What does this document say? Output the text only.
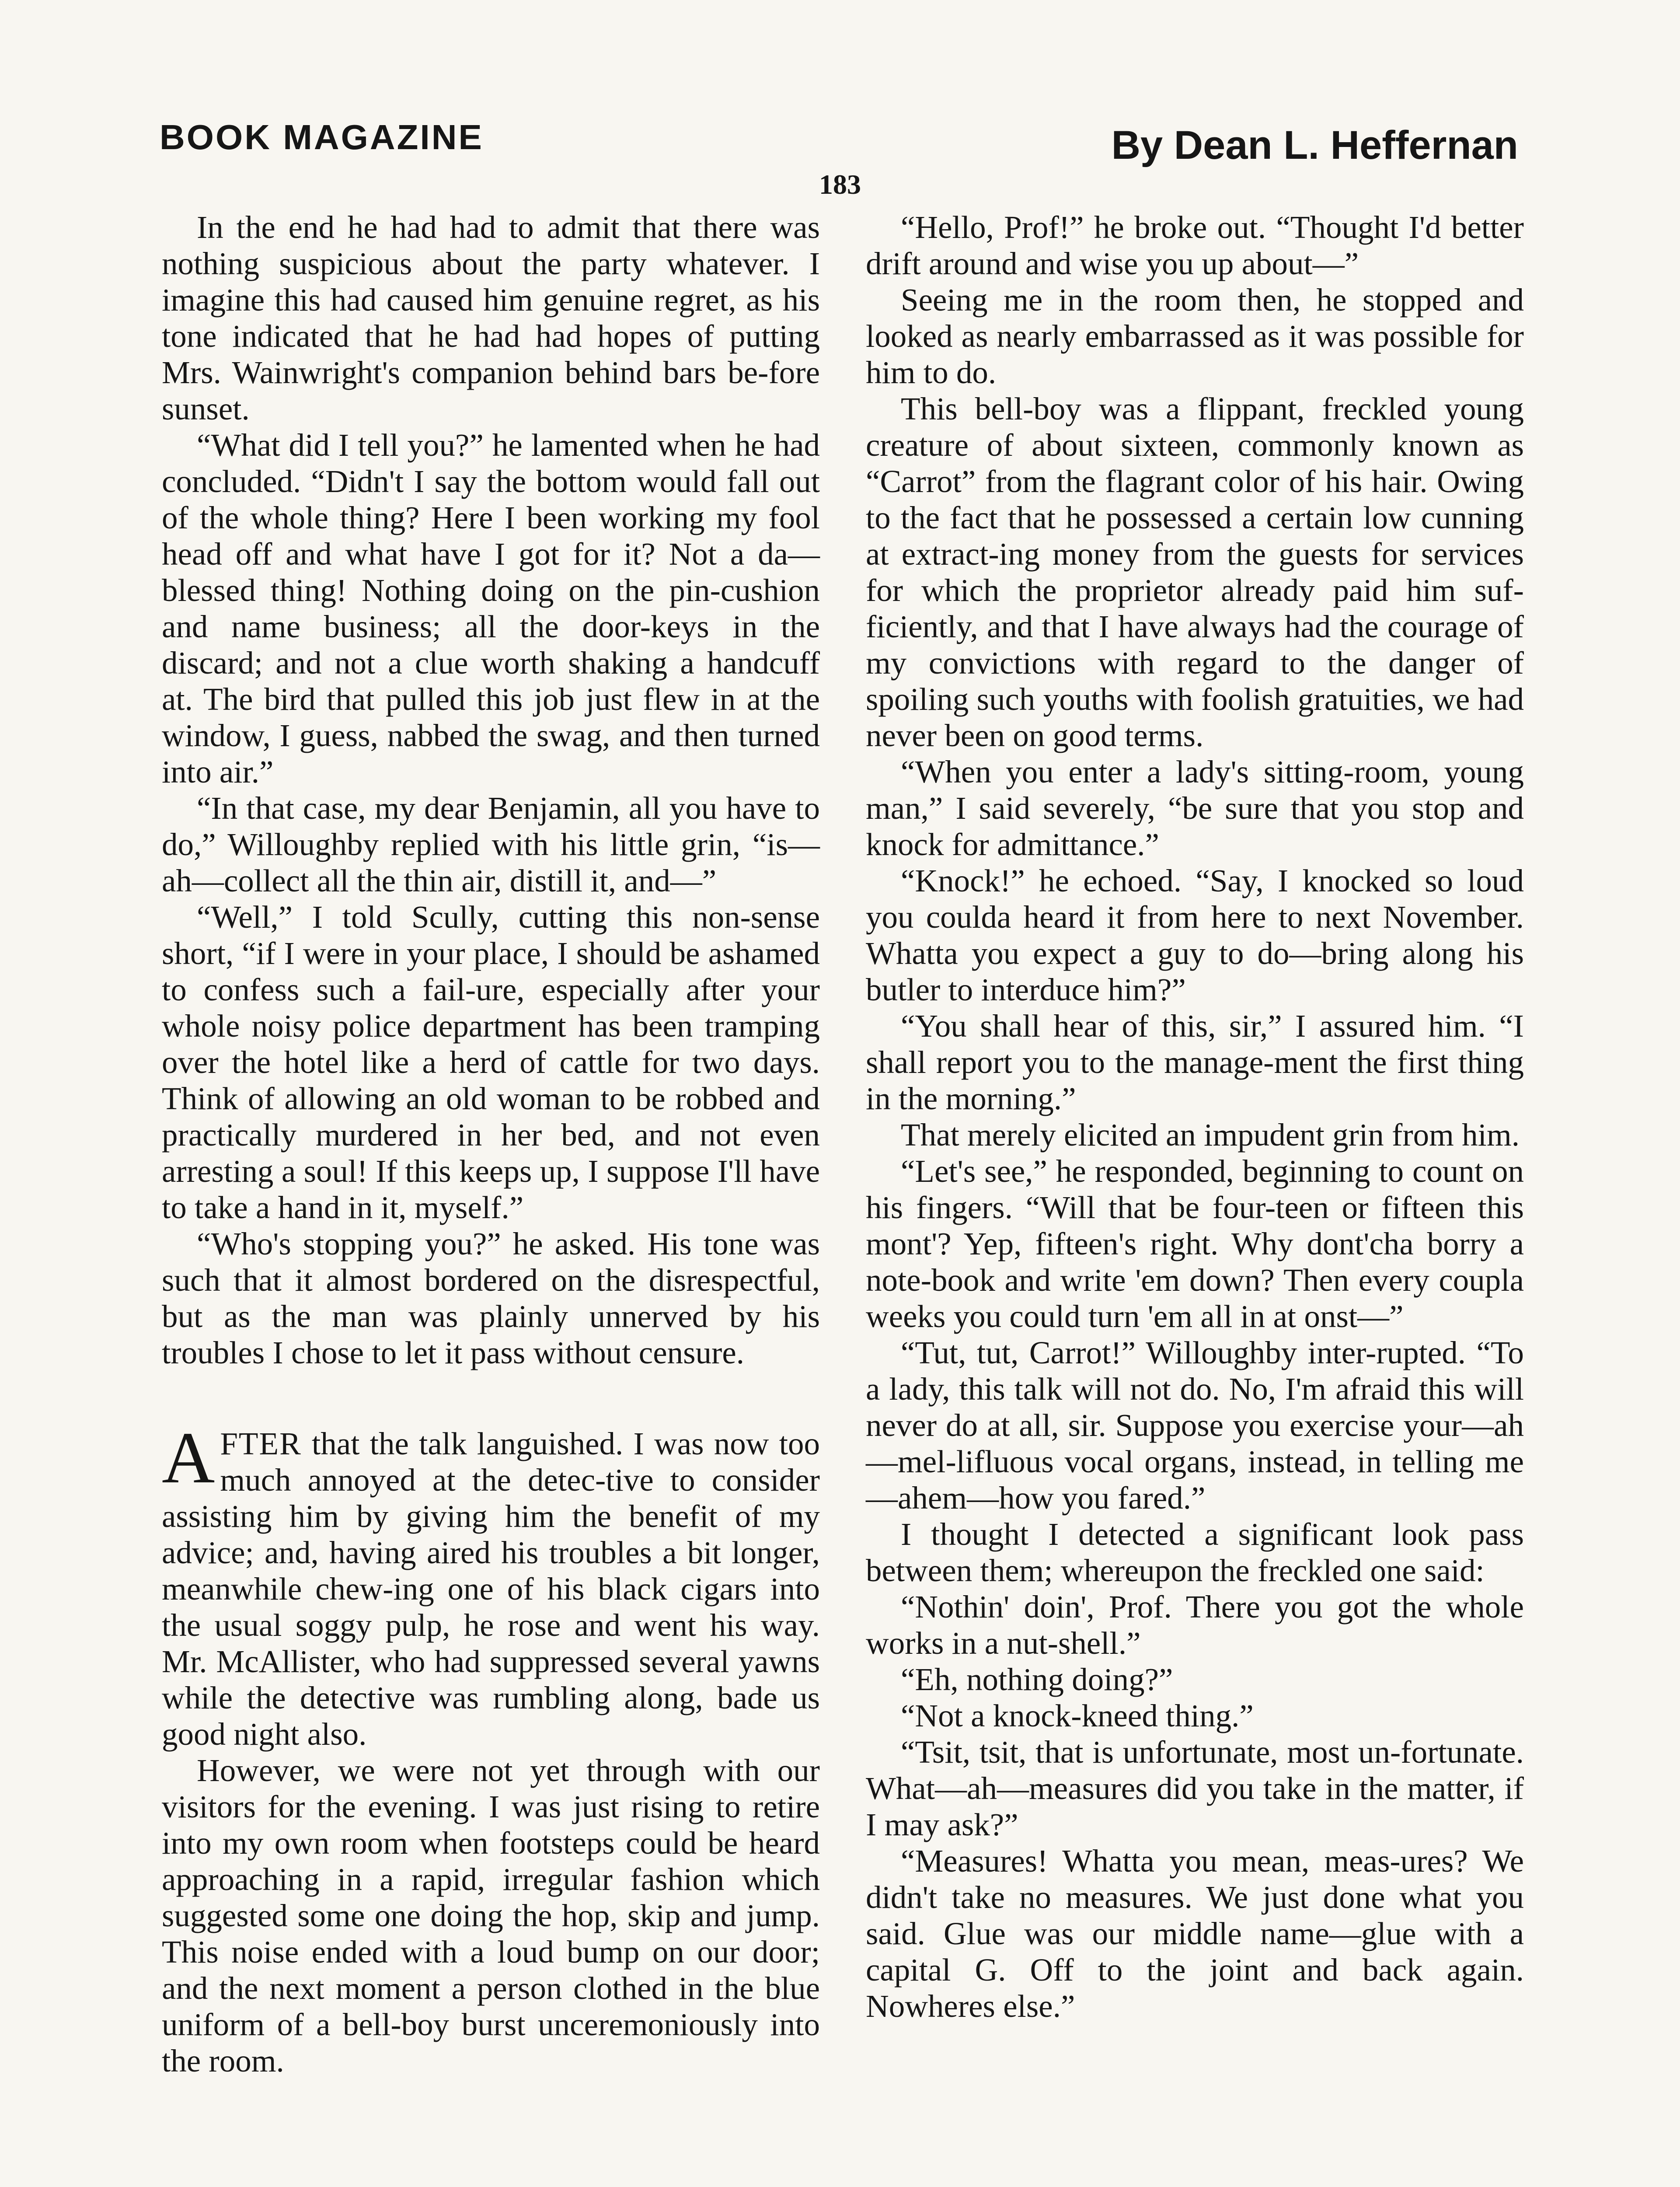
BOOK MAGAZINE	By Dean L. Heffernan
183

In the end he had had to admit that there was nothing suspicious about the party whatever. I imagine this had caused him genuine regret, as his tone indicated that he had had hopes of putting Mrs. Wainwright's companion behind bars be-fore sunset.

“What did I tell you?” he lamented when he had concluded. “Didn't I say the bottom would fall out of the whole thing? Here I been working my fool head off and what have I got for it? Not a da— blessed thing! Nothing doing on the pin-cushion and name business; all the door-keys in the discard; and not a clue worth shaking a handcuff at. The bird that pulled this job just flew in at the window, I guess, nabbed the swag, and then turned into air.”

“In that case, my dear Benjamin, all you have to do,” Willoughby replied with his little grin, “is—ah—collect all the thin air, distill it, and—”

“Well,” I told Scully, cutting this non-sense short, “if I were in your place, I should be ashamed to confess such a fail-ure, especially after your whole noisy police department has been tramping over the hotel like a herd of cattle for two days. Think of allowing an old woman to be robbed and practically murdered in her bed, and not even arresting a soul! If this keeps up, I suppose I'll have to take a hand in it, myself.”

“Who's stopping you?” he asked. His tone was such that it almost bordered on the disrespectful, but as the man was plainly unnerved by his troubles I chose to let it pass without censure.

AFTER that the talk languished. I was now too much annoyed at the detec-tive to consider assisting him by giving him the benefit of my advice; and, having aired his troubles a bit longer, meanwhile chew-ing one of his black cigars into the usual soggy pulp, he rose and went his way. Mr. McAllister, who had suppressed several yawns while the detective was rumbling along, bade us good night also.

However, we were not yet through with our visitors for the evening. I was just rising to retire into my own room when footsteps could be heard approaching in a rapid, irregular fashion which suggested some one doing the hop, skip and jump. This noise ended with a loud bump on our door; and the next moment a person clothed in the blue uniform of a bell-boy burst unceremoniously into the room.

“Hello, Prof!” he broke out. “Thought I'd better drift around and wise you up about—”

Seeing me in the room then, he stopped and looked as nearly embarrassed as it was possible for him to do.

This bell-boy was a flippant, freckled young creature of about sixteen, commonly known as “Carrot” from the flagrant color of his hair. Owing to the fact that he possessed a certain low cunning at extract-ing money from the guests for services for which the proprietor already paid him suf-ficiently, and that I have always had the courage of my convictions with regard to the danger of spoiling such youths with foolish gratuities, we had never been on good terms.

“When you enter a lady's sitting-room, young man,” I said severely, “be sure that you stop and knock for admittance.”

“Knock!” he echoed. “Say, I knocked so loud you coulda heard it from here to next November. Whatta you expect a guy to do—bring along his butler to interduce him?”

“You shall hear of this, sir,” I assured him. “I shall report you to the manage-ment the first thing in the morning.”

That merely elicited an impudent grin from him.

“Let's see,” he responded, beginning to count on his fingers. “Will that be four-teen or fifteen this mont'? Yep, fifteen's right. Why dont'cha borry a note-book and write 'em down? Then every coupla weeks you could turn 'em all in at onst—”

“Tut, tut, Carrot!” Willoughby inter-rupted. “To a lady, this talk will not do. No, I'm afraid this will never do at all, sir. Suppose you exercise your—ah—mel-lifluous vocal organs, instead, in telling me —ahem—how you fared.”

I thought I detected a significant look pass between them; whereupon the freckled one said:

“Nothin' doin', Prof. There you got the whole works in a nut-shell.”

“Eh, nothing doing?”

“Not a knock-kneed thing.”

“Tsit, tsit, that is unfortunate, most un-fortunate. What—ah—measures did you take in the matter, if I may ask?”

“Measures! Whatta you mean, meas-ures? We didn't take no measures. We just done what you said. Glue was our middle name—glue with a capital G. Off to the joint and back again. Nowheres else.”
